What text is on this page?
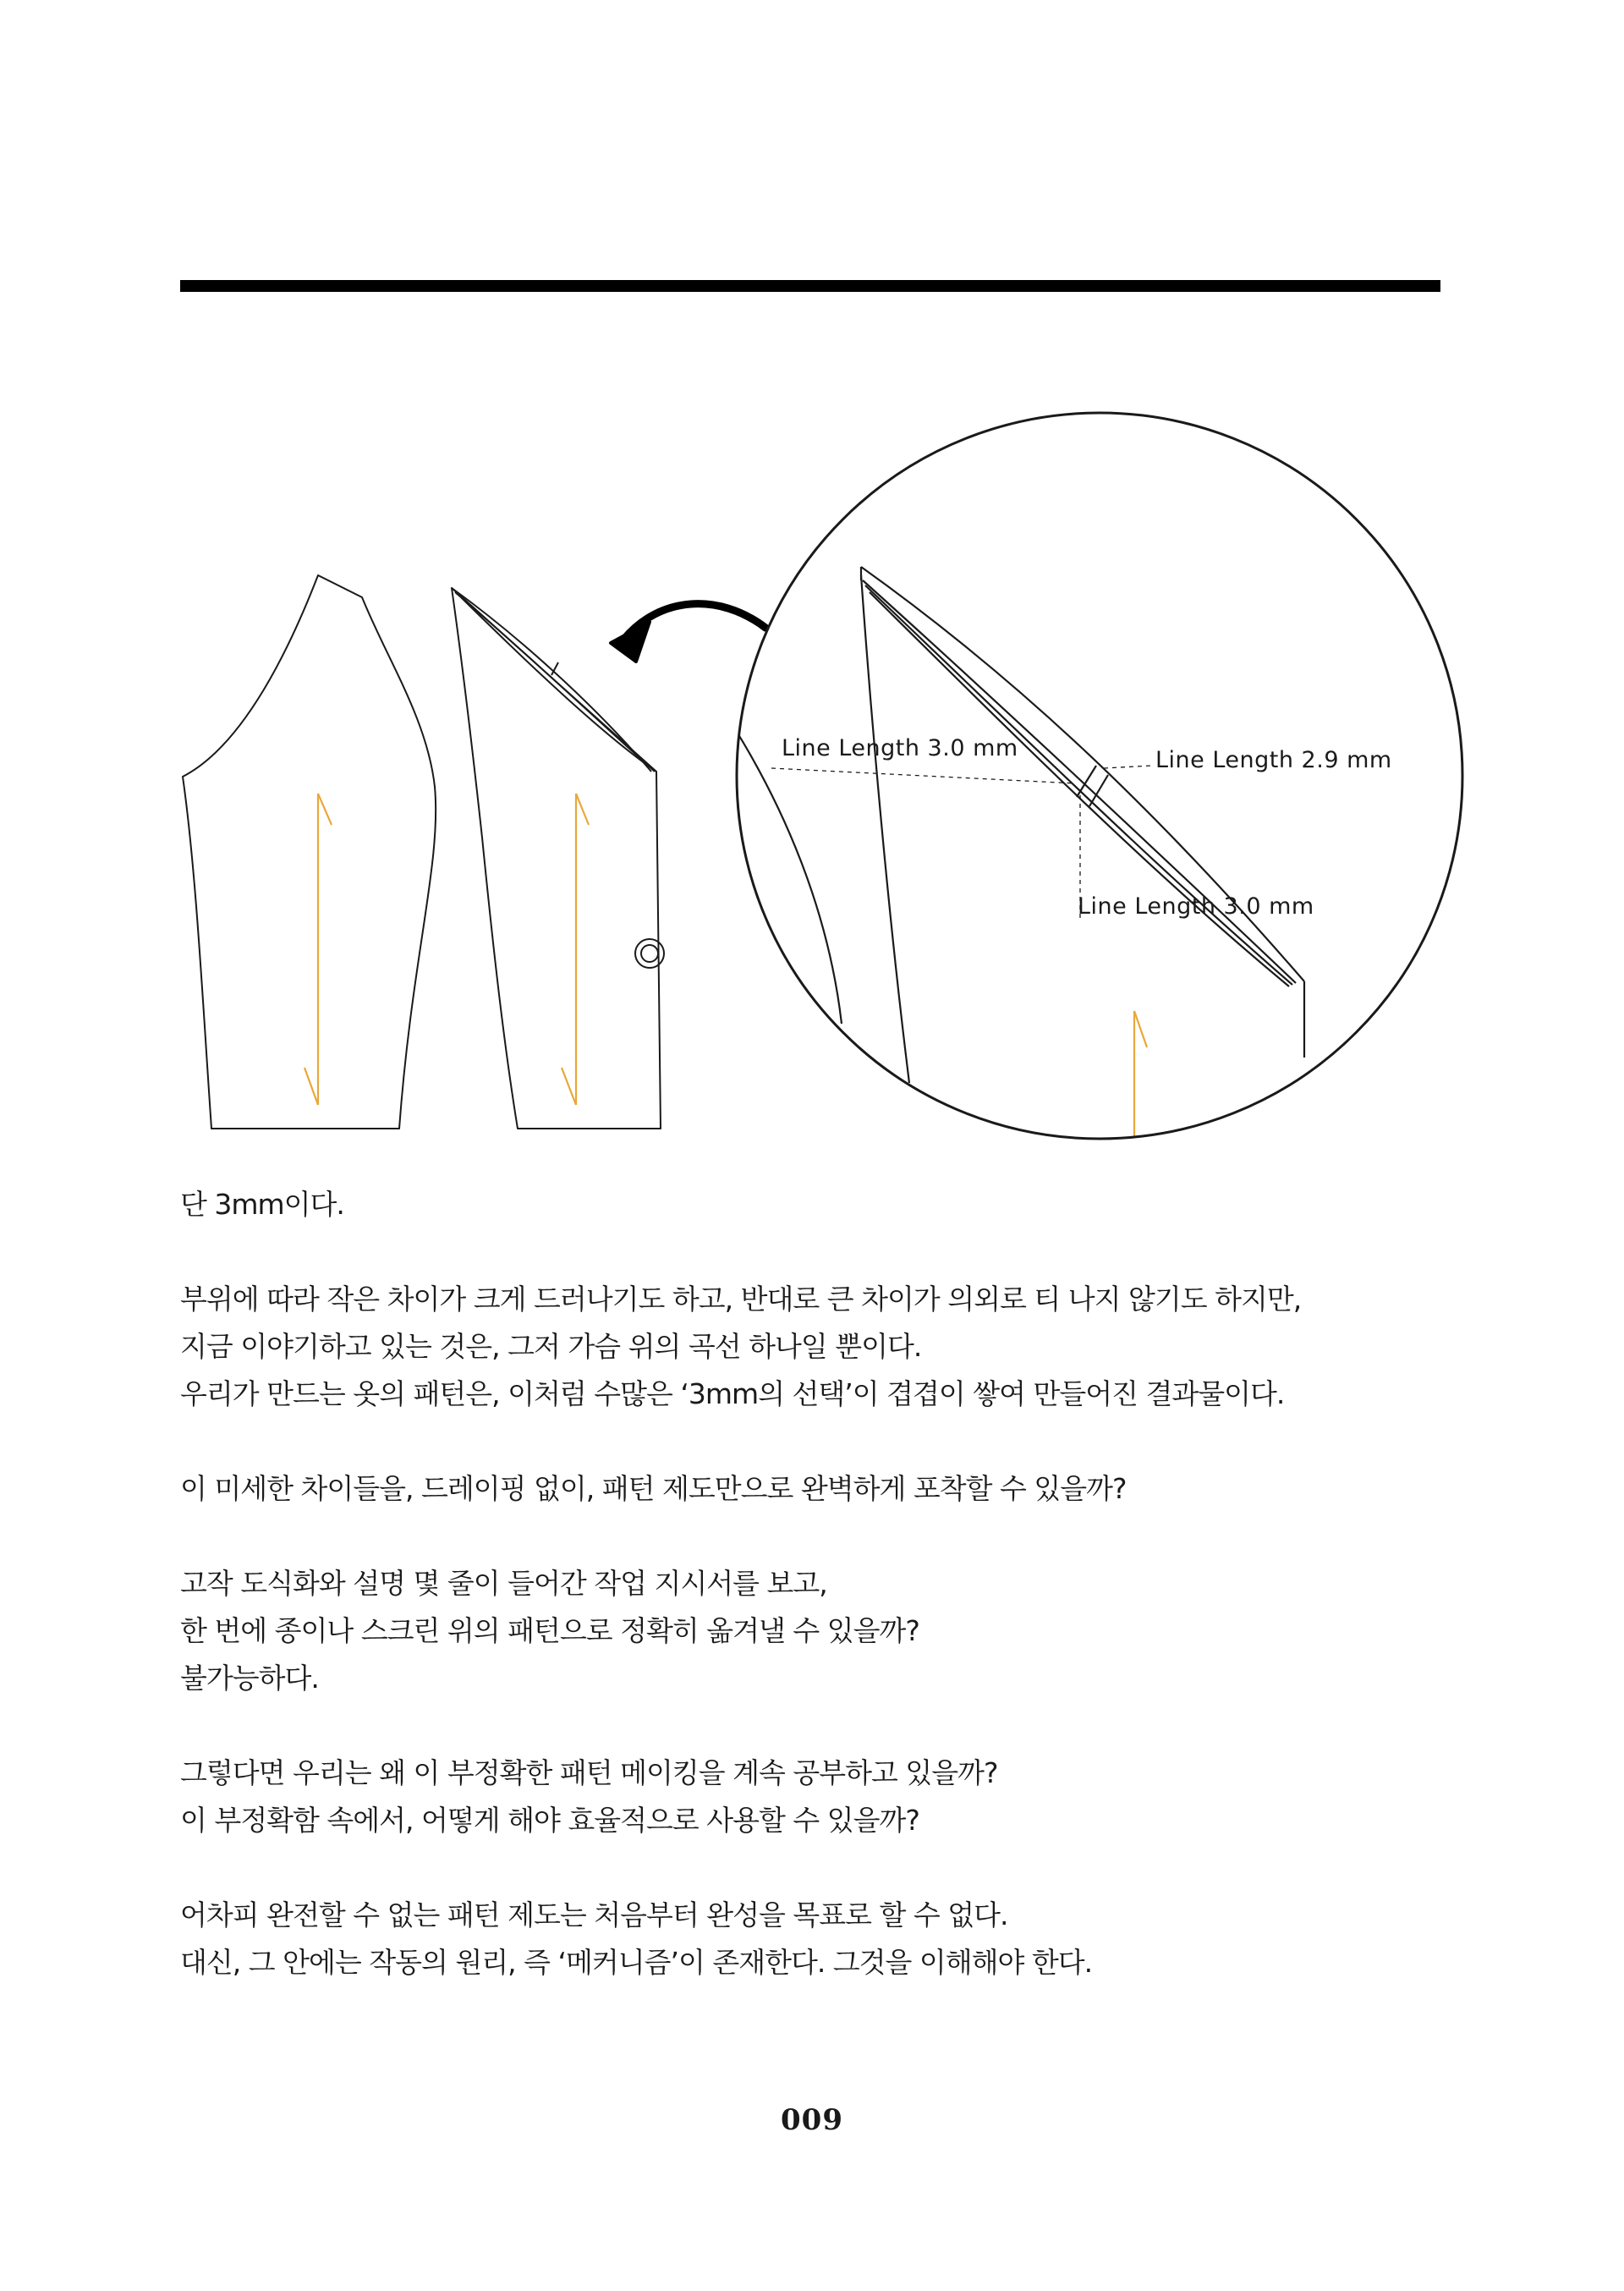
Line Length 3.0 mm	Line Length 2.9 mm
Line Length 3.0 mm

단 3mm이다.

부위에 따라 작은 차이가 크게 드러나기도 하고, 반대로 큰 차이가 의외로 티 나지 않기도 하지만,
지금 이야기하고 있는 것은, 그저 가슴 위의 곡선 하나일 뿐이다.
우리가 만드는 옷의 패턴은, 이처럼 수많은 ‘3mm의 선택’이 겹겹이 쌓여 만들어진 결과물이다.

이 미세한 차이들을, 드레이핑 없이, 패턴 제도만으로 완벽하게 포착할 수 있을까?

고작 도식화와 설명 몇 줄이 들어간 작업 지시서를 보고,
한 번에 종이나 스크린 위의 패턴으로 정확히 옮겨낼 수 있을까?
불가능하다.

그렇다면 우리는 왜 이 부정확한 패턴 메이킹을 계속 공부하고 있을까?
이 부정확함 속에서, 어떻게 해야 효율적으로 사용할 수 있을까?

어차피 완전할 수 없는 패턴 제도는 처음부터 완성을 목표로 할 수 없다.
대신, 그 안에는 작동의 원리, 즉 ‘메커니즘’이 존재한다. 그것을 이해해야 한다.

009
